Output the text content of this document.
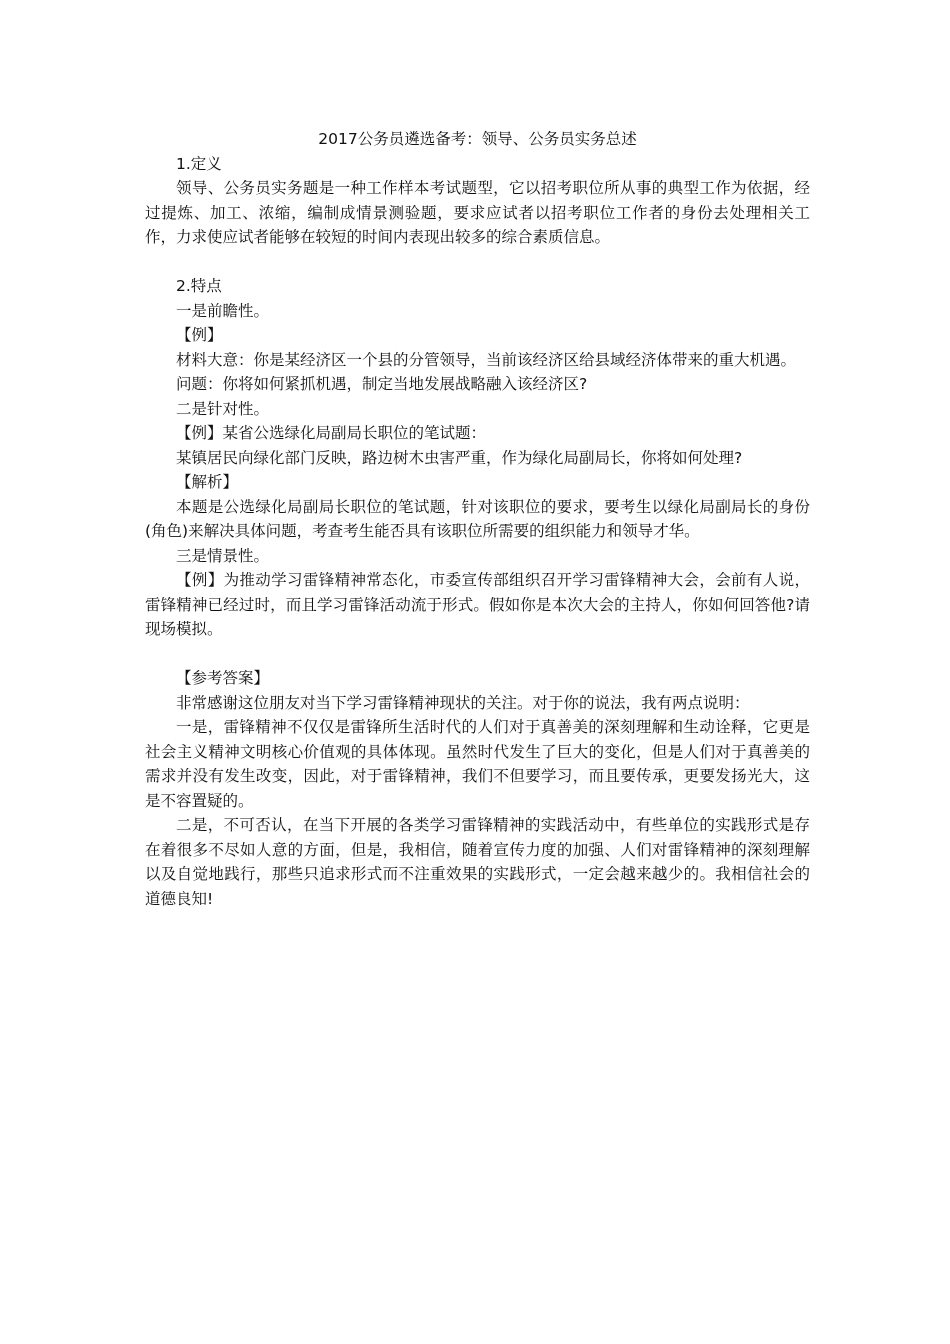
2017公务员遴选备考：领导、公务员实务总述

1.定义

领导、公务员实务题是一种工作样本考试题型，它以招考职位所从事的典型工作为依据，经过提炼、加工、浓缩，编制成情景测验题，要求应试者以招考职位工作者的身份去处理相关工作，力求使应试者能够在较短的时间内表现出较多的综合素质信息。

2.特点

一是前瞻性。

【例】

材料大意：你是某经济区一个县的分管领导，当前该经济区给县域经济体带来的重大机遇。

问题：你将如何紧抓机遇，制定当地发展战略融入该经济区?

二是针对性。

【例】某省公选绿化局副局长职位的笔试题：

某镇居民向绿化部门反映，路边树木虫害严重，作为绿化局副局长，你将如何处理?

【解析】

本题是公选绿化局副局长职位的笔试题，针对该职位的要求，要考生以绿化局副局长的身份(角色)来解决具体问题，考查考生能否具有该职位所需要的组织能力和领导才华。

三是情景性。

【例】为推动学习雷锋精神常态化，市委宣传部组织召开学习雷锋精神大会，会前有人说，雷锋精神已经过时，而且学习雷锋活动流于形式。假如你是本次大会的主持人，你如何回答他?请现场模拟。

【参考答案】

非常感谢这位朋友对当下学习雷锋精神现状的关注。对于你的说法，我有两点说明：

一是，雷锋精神不仅仅是雷锋所生活时代的人们对于真善美的深刻理解和生动诠释，它更是社会主义精神文明核心价值观的具体体现。虽然时代发生了巨大的变化，但是人们对于真善美的需求并没有发生改变，因此，对于雷锋精神，我们不但要学习，而且要传承，更要发扬光大，这是不容置疑的。

二是，不可否认，在当下开展的各类学习雷锋精神的实践活动中，有些单位的实践形式是存在着很多不尽如人意的方面，但是，我相信，随着宣传力度的加强、人们对雷锋精神的深刻理解以及自觉地践行，那些只追求形式而不注重效果的实践形式，一定会越来越少的。我相信社会的道德良知!
